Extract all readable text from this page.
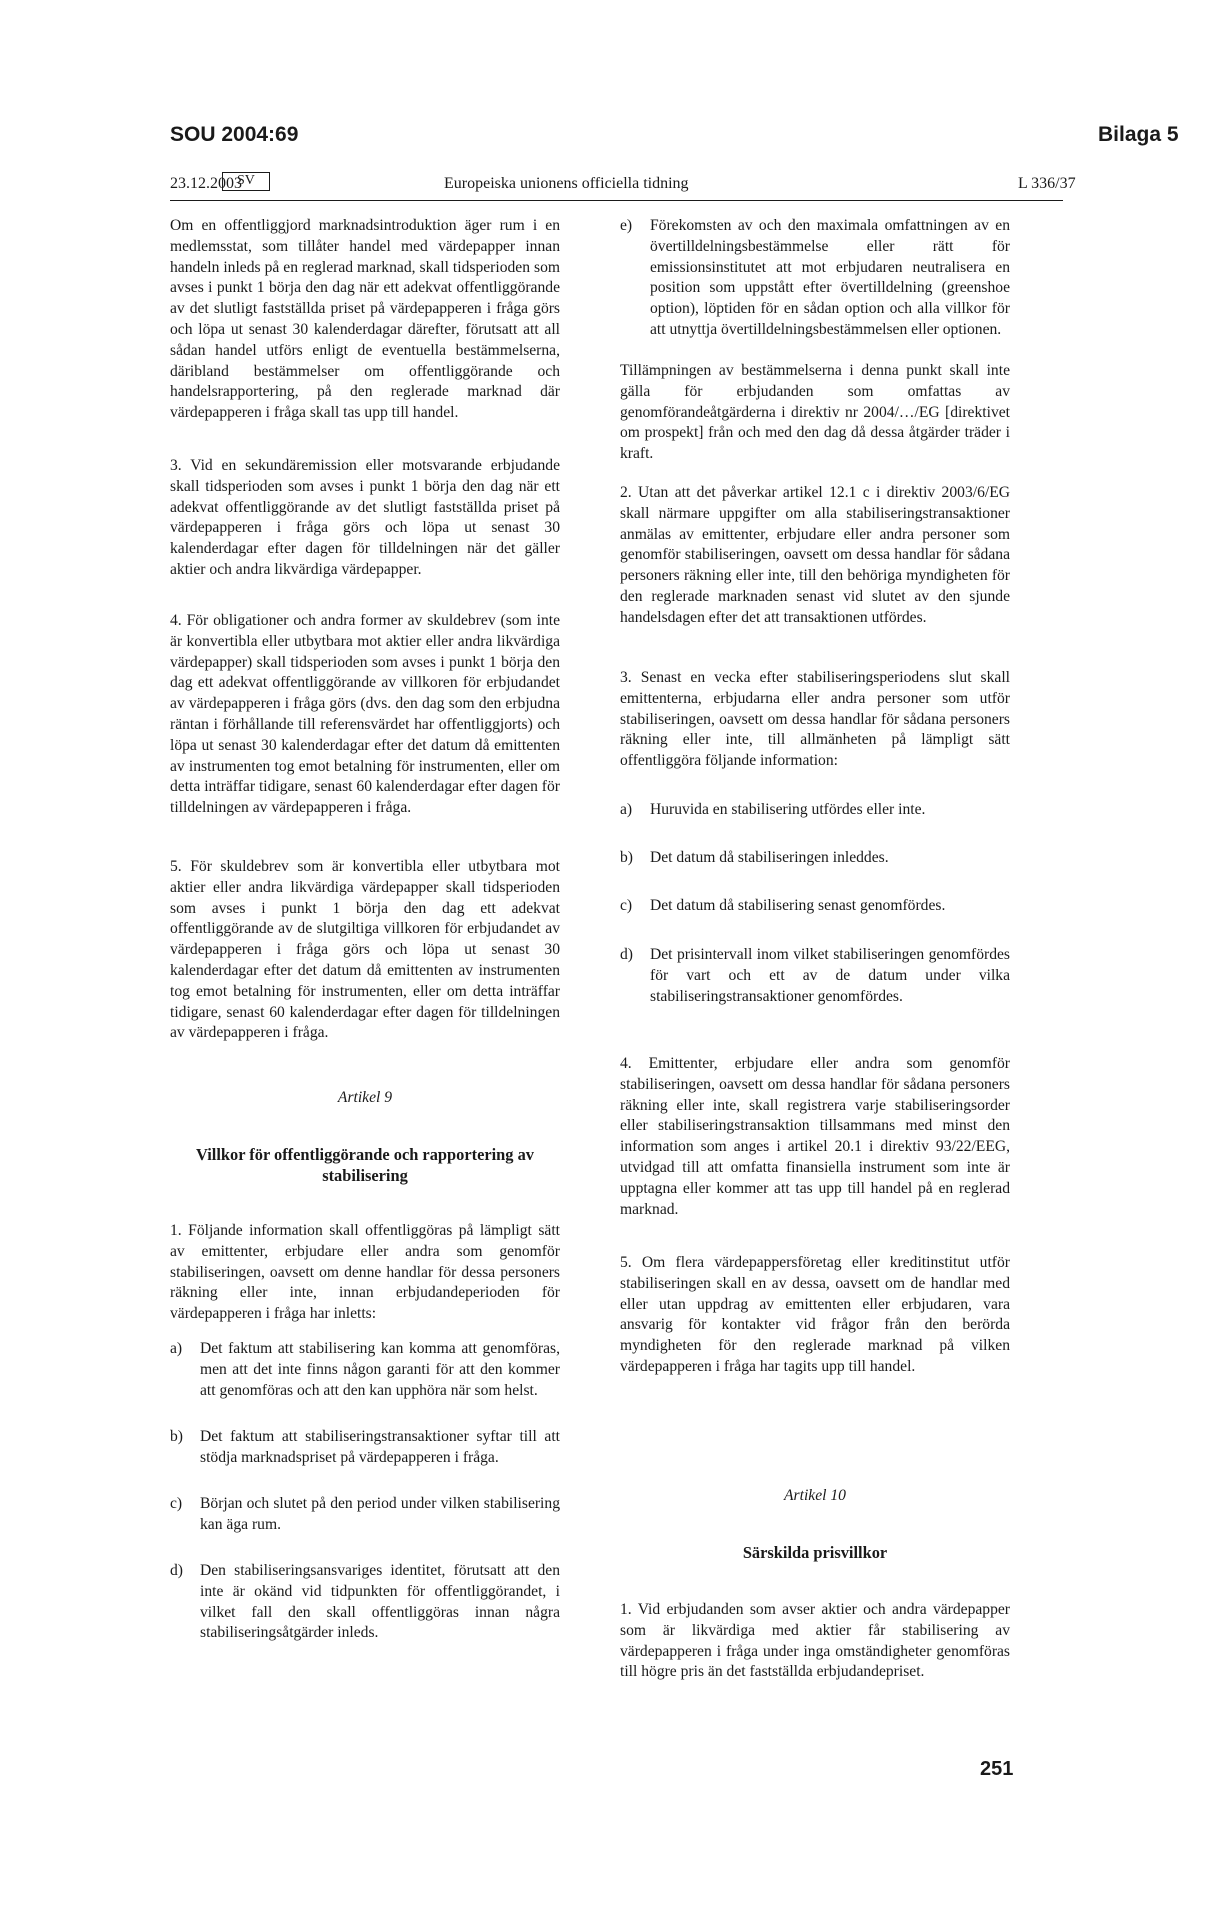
SOU 2004:69	Bilaga 5
23.12.2003
SV	Europeiska unionens officiella tidning	L 336/37

Om en offentliggjord marknadsintroduktion äger rum i en medlemsstat, som tillåter handel med värdepapper innan handeln inleds på en reglerad marknad, skall tidsperioden som avses i punkt 1 börja den dag när ett adekvat offentliggörande av det slutligt fastställda priset på värdepapperen i fråga görs och löpa ut senast 30 kalenderdagar därefter, förutsatt att all sådan handel utförs enligt de eventuella bestämmelserna, däribland bestämmelser om offentliggörande och handelsrapportering, på den reglerade marknad där värdepapperen i fråga skall tas upp till handel.

3. Vid en sekundäremission eller motsvarande erbjudande skall tidsperioden som avses i punkt 1 börja den dag när ett adekvat offentliggörande av det slutligt fastställda priset på värdepapperen i fråga görs och löpa ut senast 30 kalenderdagar efter dagen för tilldelningen när det gäller aktier och andra likvärdiga värdepapper.

4. För obligationer och andra former av skuldebrev (som inte är konvertibla eller utbytbara mot aktier eller andra likvärdiga värdepapper) skall tidsperioden som avses i punkt 1 börja den dag ett adekvat offentliggörande av villkoren för erbjudandet av värdepapperen i fråga görs (dvs. den dag som den erbjudna räntan i förhållande till referensvärdet har offentliggjorts) och löpa ut senast 30 kalenderdagar efter det datum då emittenten av instrumenten tog emot betalning för instrumenten, eller om detta inträffar tidigare, senast 60 kalenderdagar efter dagen för tilldelningen av värdepapperen i fråga.

5. För skuldebrev som är konvertibla eller utbytbara mot aktier eller andra likvärdiga värdepapper skall tidsperioden som avses i punkt 1 börja den dag ett adekvat offentliggörande av de slutgiltiga villkoren för erbjudandet av värdepapperen i fråga görs och löpa ut senast 30 kalenderdagar efter det datum då emittenten av instrumenten tog emot betalning för instrumenten, eller om detta inträffar tidigare, senast 60 kalenderdagar efter dagen för tilldelningen av värdepapperen i fråga.

Artikel 9
Villkor för offentliggörande och rapportering av stabilisering

1. Följande information skall offentliggöras på lämpligt sätt av emittenter, erbjudare eller andra som genomför stabiliseringen, oavsett om denne handlar för dessa personers räkning eller inte, innan erbjudandeperioden för värdepapperen i fråga har inletts:

a)	Det faktum att stabilisering kan komma att genomföras, men att det inte finns någon garanti för att den kommer att genomföras och att den kan upphöra när som helst.
b)	Det faktum att stabiliseringstransaktioner syftar till att stödja marknadspriset på värdepapperen i fråga.
c)	Början och slutet på den period under vilken stabilisering kan äga rum.
d)	Den stabiliseringsansvariges identitet, förutsatt att den inte är okänd vid tidpunkten för offentliggörandet, i vilket fall den skall offentliggöras innan några stabiliseringsåtgärder inleds.
e)	Förekomsten av och den maximala omfattningen av en övertilldelningsbestämmelse eller rätt för emissionsinstitutet att mot erbjudaren neutralisera en position som uppstått efter övertilldelning (greenshoe option), löptiden för en sådan option och alla villkor för att utnyttja övertilldelningsbestämmelsen eller optionen.

Tillämpningen av bestämmelserna i denna punkt skall inte gälla för erbjudanden som omfattas av genomförandeåtgärderna i direktiv nr 2004/…/EG [direktivet om prospekt] från och med den dag då dessa åtgärder träder i kraft.

2. Utan att det påverkar artikel 12.1 c i direktiv 2003/6/EG skall närmare uppgifter om alla stabiliseringstransaktioner anmälas av emittenter, erbjudare eller andra personer som genomför stabiliseringen, oavsett om dessa handlar för sådana personers räkning eller inte, till den behöriga myndigheten för den reglerade marknaden senast vid slutet av den sjunde handelsdagen efter det att transaktionen utfördes.

3. Senast en vecka efter stabiliseringsperiodens slut skall emittenterna, erbjudarna eller andra personer som utför stabiliseringen, oavsett om dessa handlar för sådana personers räkning eller inte, till allmänheten på lämpligt sätt offentliggöra följande information:

a)	Huruvida en stabilisering utfördes eller inte.
b)	Det datum då stabiliseringen inleddes.
c)	Det datum då stabilisering senast genomfördes.
d)	Det prisintervall inom vilket stabiliseringen genomfördes för vart och ett av de datum under vilka stabiliseringstransaktioner genomfördes.

4. Emittenter, erbjudare eller andra som genomför stabiliseringen, oavsett om dessa handlar för sådana personers räkning eller inte, skall registrera varje stabiliseringsorder eller stabiliseringstransaktion tillsammans med minst den information som anges i artikel 20.1 i direktiv 93/22/EEG, utvidgad till att omfatta finansiella instrument som inte är upptagna eller kommer att tas upp till handel på en reglerad marknad.

5. Om flera värdepappersföretag eller kreditinstitut utför stabiliseringen skall en av dessa, oavsett om de handlar med eller utan uppdrag av emittenten eller erbjudaren, vara ansvarig för kontakter vid frågor från den berörda myndigheten för den reglerade marknad på vilken värdepapperen i fråga har tagits upp till handel.

Artikel 10
Särskilda prisvillkor

1. Vid erbjudanden som avser aktier och andra värdepapper som är likvärdiga med aktier får stabilisering av värdepapperen i fråga under inga omständigheter genomföras till högre pris än det fastställda erbjudandepriset.

251
